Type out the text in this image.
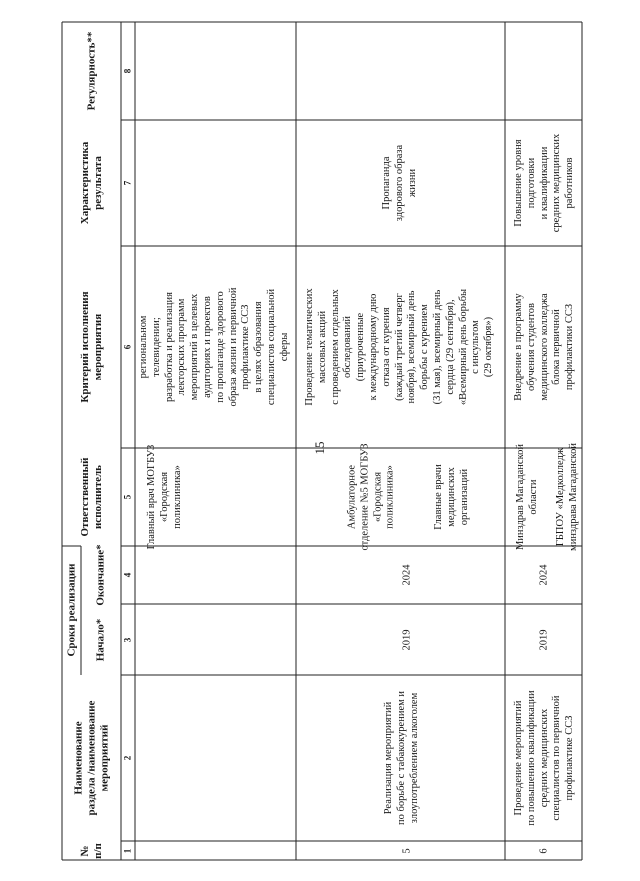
15
№
п/п
Наименование
раздела /наименование
мероприятий
Сроки реализации Начало*
Окончание*
Ответственный
исполнитель
Критерий исполнения
мероприятия
Характеристика
результата
Регулярность**
1
2
3
4
5
6
7
8
Главный врач МОГБУЗ
«Городская
поликлиника»
региональном
телевидении;
разработка и реализация
лекторских программ
мероприятий в целевых
аудиториях и проектов
по пропаганде здорового
образа жизни и первичной
профилактике ССЗ
в целях образования
специалистов социальной
сферы
5
Реализация мероприятий
по борьбе с табакокурением и
злоупотреблением алкоголем
2019
2024
Амбулаторное
отделение №5 МОГБУЗ
«Городская
поликлиника»	Главные врачи
медицинских
организаций
Проведение тематических
массовых акций
с проведением отдельных
обследований
(приуроченные
к международному дню
отказа от курения
(каждый третий четверг
ноября), всемирный день
борьбы с курением
(31 мая), всемирный день
сердца (29 сентября),
«Всемирный день борьбы
с инсультом
(29 октября»)
Пропаганда
здорового образа
жизни
6
Проведение мероприятий
по повышению квалификации
средних медицинских
специалистов по первичной
профилактике ССЗ
2019
2024
Минздрав Магаданской
области
ГБПОУ «Медколледж
минздрава Магаданской
Внедрение в программу
обучения студентов
медицинского колледжа
блока первичной
профилактики ССЗ
Повышение уровня
подготовки
и квалификации
средних медицинских
работников
